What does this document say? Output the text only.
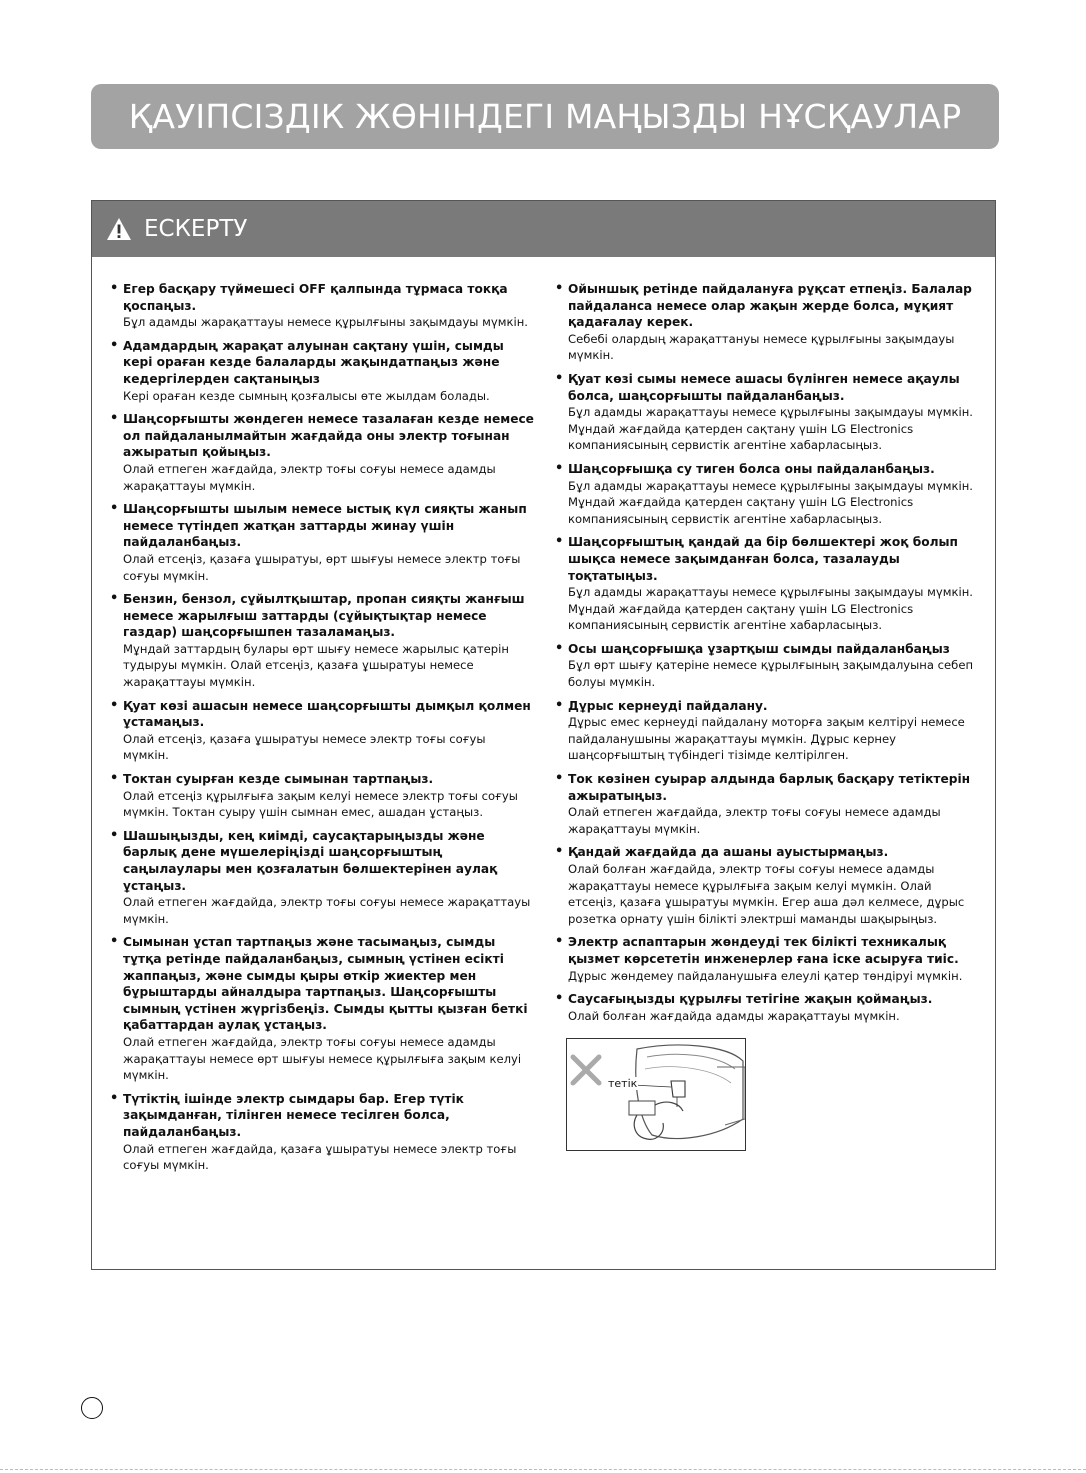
ҚАУІПСІЗДІК ЖӨНІНДЕГІ МАҢЫЗДЫ НҰСҚАУЛАР
ЕСКЕРТУ
• Егер басқару түймешесі OFF қалпында тұрмаса токқа қоспаңыз.
Бұл адамды жарақаттауы немесе құрылғыны зақымдауы мүмкін.
• Адамдардың жарақат алуынан сақтану үшін, сымды кері ораған кезде балаларды жақындатпаңыз және кедергілерден сақтаныңыз
Кері ораған кезде сымның қозғалысы өте жылдам болады.
• Шаңсорғышты жөндеген немесе тазалаған кезде немесе ол пайдаланылмайтын жағдайда оны электр тоғынан ажыратып қойыңыз.
Олай етпеген жағдайда, электр тоғы соғуы немесе адамды жарақаттауы мүмкін.
• Шаңсорғышты шылым немесе ыстық күл сияқты жанып немесе түтіндеп жатқан заттарды жинау үшін пайдаланбаңыз.
Олай етсеңіз, қазаға ұшыратуы, өрт шығуы немесе электр тоғы соғуы мүмкін.
• Бензин, бензол, сұйылтқыштар, пропан сияқты жанғыш немесе жарылғыш заттарды (сұйықтықтар немесе газдар) шаңсорғышпен тазаламаңыз.
Мұндай заттардың булары өрт шығу немесе жарылыс қатерін тудыруы мүмкін. Олай етсеңіз, қазаға ұшыратуы немесе жарақаттауы мүмкін.
• Қуат көзі ашасын немесе шаңсорғышты дымқыл қолмен ұстамаңыз.
Олай етсеңіз, қазаға ұшыратуы немесе электр тоғы соғуы мүмкін.
• Токтан суырған кезде сымынан тартпаңыз.
Олай етсеңіз құрылғыға зақым келуі немесе электр тоғы соғуы мүмкін. Токтан суыру үшін сымнан емес, ашадан ұстаңыз.
• Шашыңызды, кең киімді, саусақтарыңызды және барлық дене мүшелеріңізді шаңсорғыштың саңылаулары мен қозғалатын бөлшектерінен аулақ ұстаңыз.
Олай етпеген жағдайда, электр тоғы соғуы немесе жарақаттауы мүмкін.
• Сымынан ұстап тартпаңыз және тасымаңыз, сымды тұтқа ретінде пайдаланбаңыз, сымның үстінен есікті жаппаңыз, және сымды қыры өткір жиектер мен бұрыштарды айналдыра тартпаңыз. Шаңсорғышты сымның үстінен жүргізбеңіз. Сымды қытты қызған беткі қабаттардан аулақ ұстаңыз.
Олай етпеген жағдайда, электр тоғы соғуы немесе адамды жарақаттауы немесе өрт шығуы немесе құрылғыға зақым келуі мүмкін.
• Түтіктің ішінде электр сымдары бар. Егер түтік зақымданған, тілінген немесе тесілген болса, пайдаланбаңыз.
Олай етпеген жағдайда, қазаға ұшыратуы немесе электр тоғы соғуы мүмкін.
• Ойыншық ретінде пайдалануға рұқсат етпеңіз. Балалар пайдаланса немесе олар жақын жерде болса, мұқият қадағалау керек.
Себебі олардың жарақаттануы немесе құрылғыны зақымдауы мүмкін.
• Қуат көзі сымы немесе ашасы бүлінген немесе ақаулы болса, шаңсорғышты пайдаланбаңыз.
Бұл адамды жарақаттауы немесе құрылғыны зақымдауы мүмкін. Мұндай жағдайда қатерден сақтану үшін LG Electronics компаниясының сервистік агентіне хабарласыңыз.
• Шаңсорғышқа су тиген болса оны пайдаланбаңыз.
Бұл адамды жарақаттауы немесе құрылғыны зақымдауы мүмкін. Мұндай жағдайда қатерден сақтану үшін LG Electronics компаниясының сервистік агентіне хабарласыңыз.
• Шаңсорғыштың қандай да бір бөлшектері жоқ болып шықса немесе зақымданған болса, тазалауды тоқтатыңыз.
Бұл адамды жарақаттауы немесе құрылғыны зақымдауы мүмкін. Мұндай жағдайда қатерден сақтану үшін LG Electronics компаниясының сервистік агентіне хабарласыңыз.
• Осы шаңсорғышқа ұзартқыш сымды пайдаланбаңыз
Бұл өрт шығу қатеріне немесе құрылғының зақымдалуына себеп болуы мүмкін.
• Дұрыс кернеуді пайдалану.
Дұрыс емес кернеуді пайдалану моторға зақым келтіруі немесе пайдаланушыны жарақаттауы мүмкін. Дұрыс кернеу шаңсорғыштың түбіндегі тізімде келтірілген.
• Ток көзінен суырар алдында барлық басқару тетіктерін ажыратыңыз.
Олай етпеген жағдайда, электр тоғы соғуы немесе адамды жарақаттауы мүмкін.
• Қандай жағдайда да ашаны ауыстырмаңыз.
Олай болған жағдайда, электр тоғы соғуы немесе адамды жарақаттауы немесе құрылғыға зақым келуі мүмкін. Олай етсеңіз, қазаға ұшыратуы мүмкін. Егер аша дәл келмесе, дұрыс розетка орнату үшін білікті электрші маманды шақырыңыз.
• Электр аспаптарын жөндеуді тек білікті техникалық қызмет көрсететін инженерлер ғана іске асыруға тиіс.
Дұрыс жөндемеу пайдаланушыға елеулі қатер төндіруі мүмкін.
• Саусағыңызды құрылғы тетігіне жақын қоймаңыз.
Олай болған жағдайда адамды жарақаттауы мүмкін.
тетік
